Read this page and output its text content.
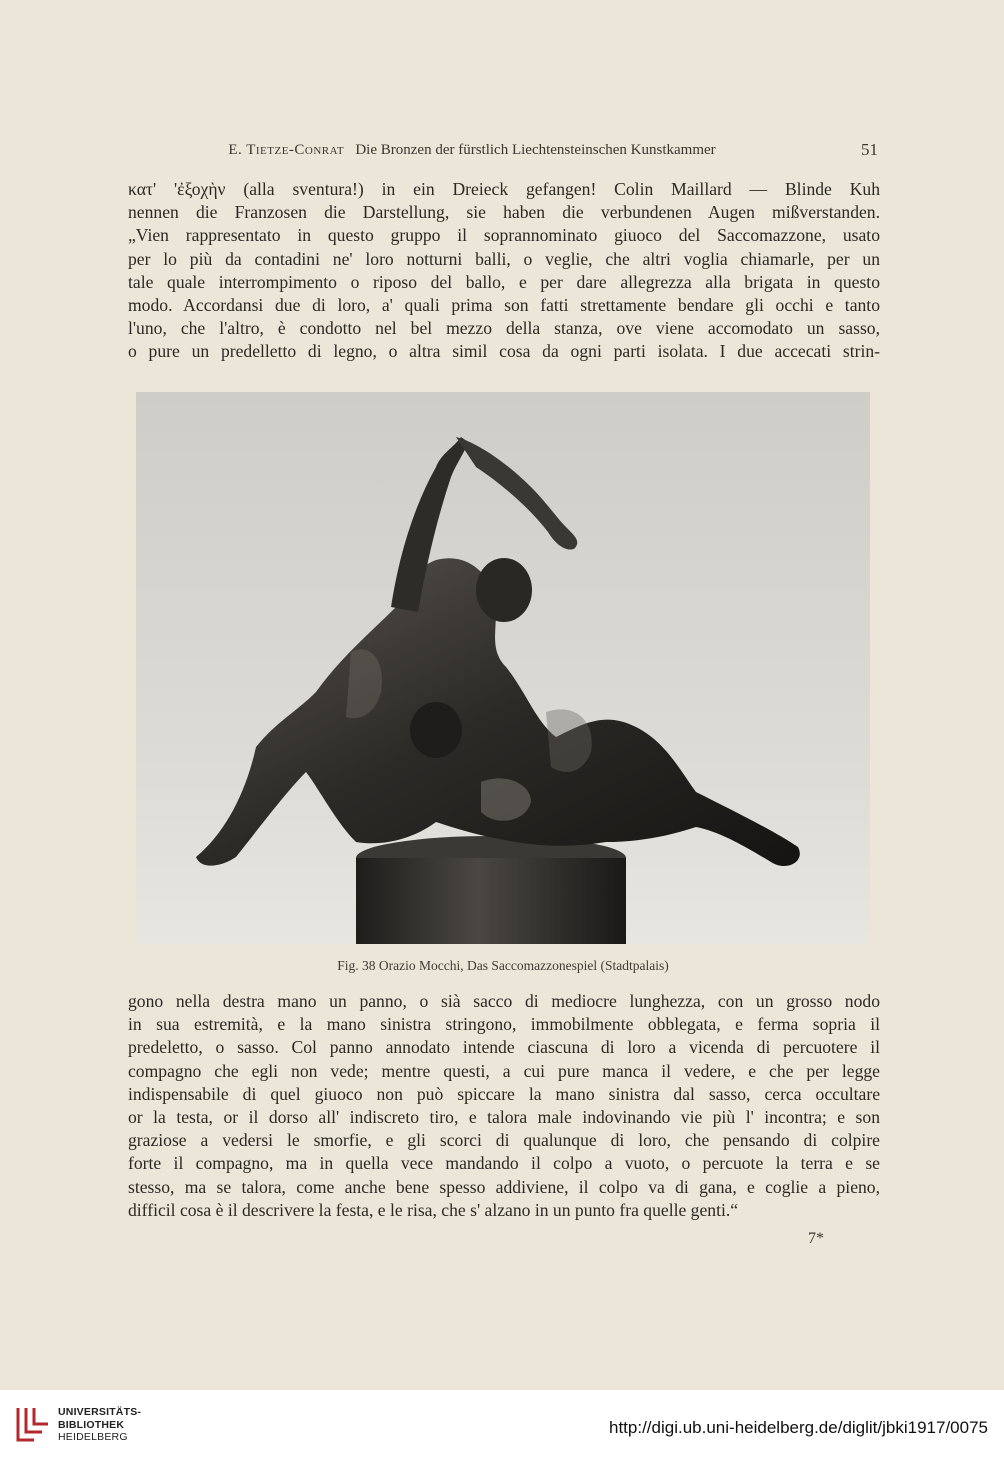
E. Tietze-Conrat Die Bronzen der fürstlich Liechtensteinschen Kunstkammer	51
κατ' 'ἐξοχὴν (alla sventura!) in ein Dreieck gefangen! Colin Maillard — Blinde Kuh
nennen die Franzosen die Darstellung, sie haben die verbundenen Augen mißverstanden.
„Vien rappresentato in questo gruppo il soprannominato giuoco del Saccomazzone, usato
per lo più da contadini ne' loro notturni balli, o veglie, che altri voglia chiamarle, per un
tale quale interrompimento o riposo del ballo, e per dare allegrezza alla brigata in questo
modo. Accordansi due di loro, a' quali prima son fatti strettamente bendare gli occhi e tanto
l'uno, che l'altro, è condotto nel bel mezzo della stanza, ove viene accomodato un sasso,
o pure un predelletto di legno, o altra simil cosa da ogni parti isolata. I due accecati strin-
Fig. 38 Orazio Mocchi, Das Saccomazzonespiel (Stadtpalais)
gono nella destra mano un panno, o sià sacco di mediocre lunghezza, con un grosso nodo
in sua estremità, e la mano sinistra stringono, immobilmente obblegata, e ferma sopria il
predeletto, o sasso. Col panno annodato intende ciascuna di loro a vicenda di percuotere il
compagno che egli non vede; mentre questi, a cui pure manca il vedere, e che per legge
indispensabile di quel giuoco non può spiccare la mano sinistra dal sasso, cerca occultare
or la testa, or il dorso all' indiscreto tiro, e talora male indovinando vie più l' incontra; e son
graziose a vedersi le smorfie, e gli scorci di qualunque di loro, che pensando di colpire
forte il compagno, ma in quella vece mandando il colpo a vuoto, o percuote la terra e se
stesso, ma se talora, come anche bene spesso addiviene, il colpo va di gana, e coglie a pieno,
difficil cosa è il descrivere la festa, e le risa, che s' alzano in un punto fra quelle genti.“
7*
UNIVERSITÄTS-
BIBLIOTHEK
HEIDELBERG	http://digi.ub.uni-heidelberg.de/diglit/jbki1917/0075
